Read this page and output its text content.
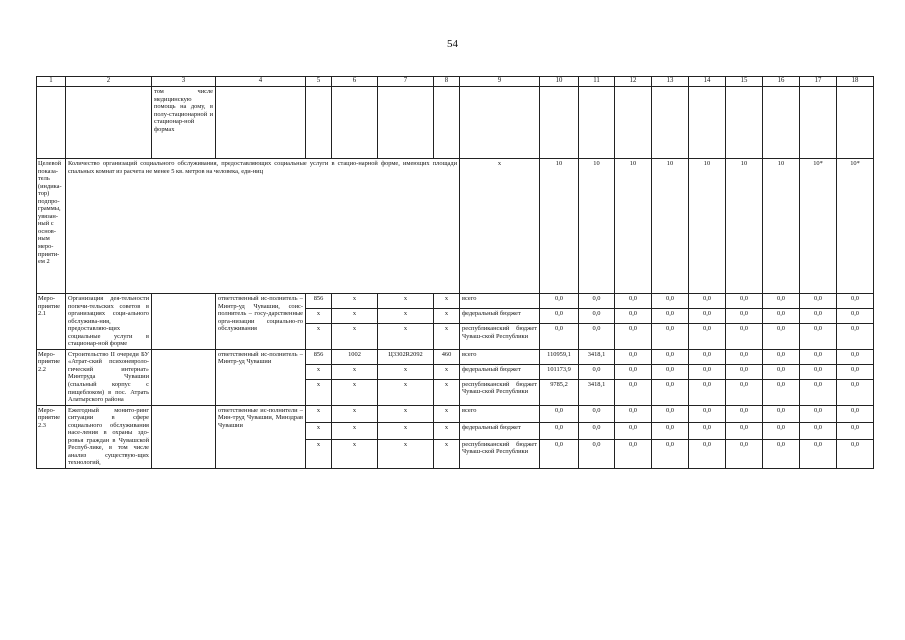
54
1	2	3	4	5	6	7	8	9	10	11	12	13	14	15	16	17	18
		том числе медицинскую помощь на дому, в полу-стационарной и стационар-ной формах															
Целевой показа-тель (индика-тор) подпро-граммы, увязан-ный с основ-ным меро-прияти-ем 2	Количество организаций социального обслуживания, предоставляющих социальные услуги в стацио-нарной форме, имеющих площади спальных комнат из расчета не менее 5 кв. метров на человека, еди-ниц							x	10	10	10	10	10	10	10	10*	10*
Меро-приятие 2.1	Организация дея-тельности попечи-тельских советов в организациях соци-ального обслужива-ния, предоставляю-щих социальные услуги в стационар-ной форме		ответственный ис-полнитель – Минтр-уд Чувашии, соис-полнитель – госу-дарственные орга-низации социально-го обслуживания	856	x	x	x	всего	0,0	0,0	0,0	0,0	0,0	0,0	0,0	0,0	0,0
				x	x	x	x	федеральный бюджет	0,0	0,0	0,0	0,0	0,0	0,0	0,0	0,0	0,0
				x	x	x	x	республиканский бюджет Чуваш-ской Республики	0,0	0,0	0,0	0,0	0,0	0,0	0,0	0,0	0,0
Меро-приятие 2.2	Строительство II очереди БУ «Атрат-ский психоневроло-гический интернат» Минтруда Чувашии (спальный корпус с пищеблоком) в пос. Атрать Алатырского района		ответственный ис-полнитель – Минтр-уд Чувашии	856	1002	Ц3302R2092	460	всего	110959,1	3418,1	0,0	0,0	0,0	0,0	0,0	0,0	0,0
				x	x	x	x	федеральный бюджет	101173,9	0,0	0,0	0,0	0,0	0,0	0,0	0,0	0,0
				x	x	x	x	республиканский бюджет Чуваш-ской Республики	9785,2	3418,1	0,0	0,0	0,0	0,0	0,0	0,0	0,0
Меро-приятие 2.3	Ежегодный монито-ринг ситуации в сфере социального обслуживания насе-ления в охраны здо-ровья граждан в Чувашской Респуб-лике, в том числе анализ существую-щих технологий,		ответственные ис-полнители – Мин-труд Чувашии, Минздрав Чувашии	x	x	x	x	всего	0,0	0,0	0,0	0,0	0,0	0,0	0,0	0,0	0,0
				x	x	x	x	федеральный бюджет	0,0	0,0	0,0	0,0	0,0	0,0	0,0	0,0	0,0
				x	x	x	x	республиканский бюджет Чуваш-ской Республики	0,0	0,0	0,0	0,0	0,0	0,0	0,0	0,0	0,0
